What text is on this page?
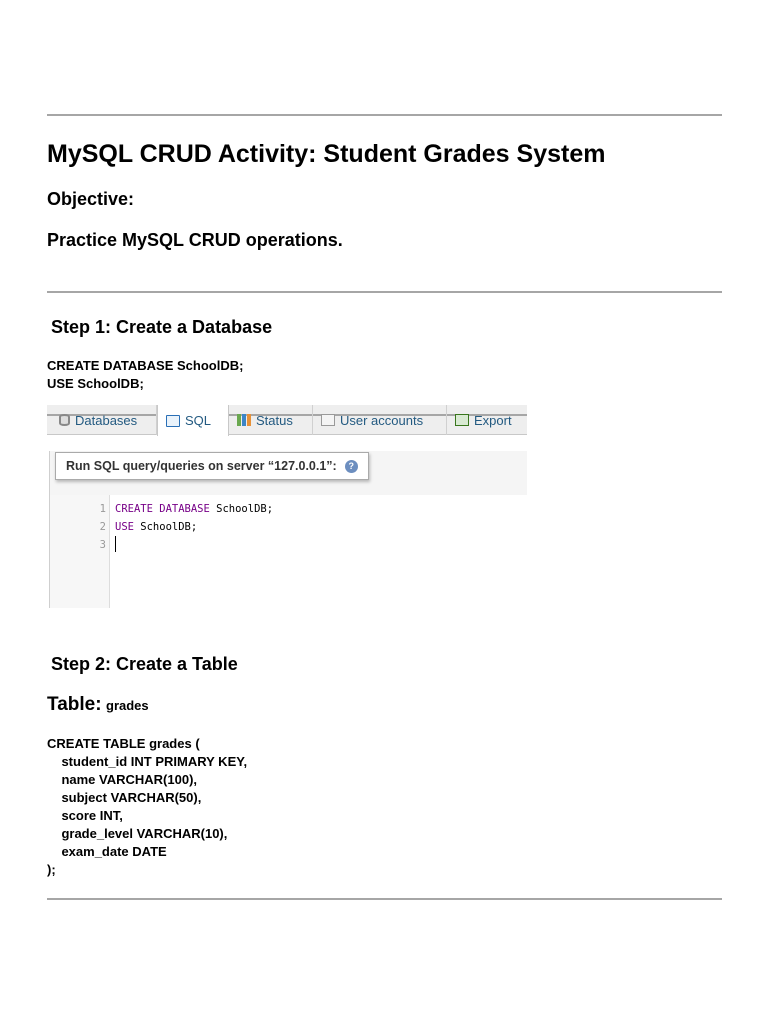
MySQL CRUD Activity: Student Grades System
Objective:
Practice MySQL CRUD operations.
Step 1: Create a Database
CREATE DATABASE SchoolDB;
USE SchoolDB;
Databases	SQL	Status	User accounts	Export
Run SQL query/queries on server “127.0.0.1”:	?
1
2
3
CREATE DATABASE SchoolDB;
USE SchoolDB;
Step 2: Create a Table
Table: grades
CREATE TABLE grades (
student_id INT PRIMARY KEY,
name VARCHAR(100),
subject VARCHAR(50),
score INT,
grade_level VARCHAR(10),
exam_date DATE
);
